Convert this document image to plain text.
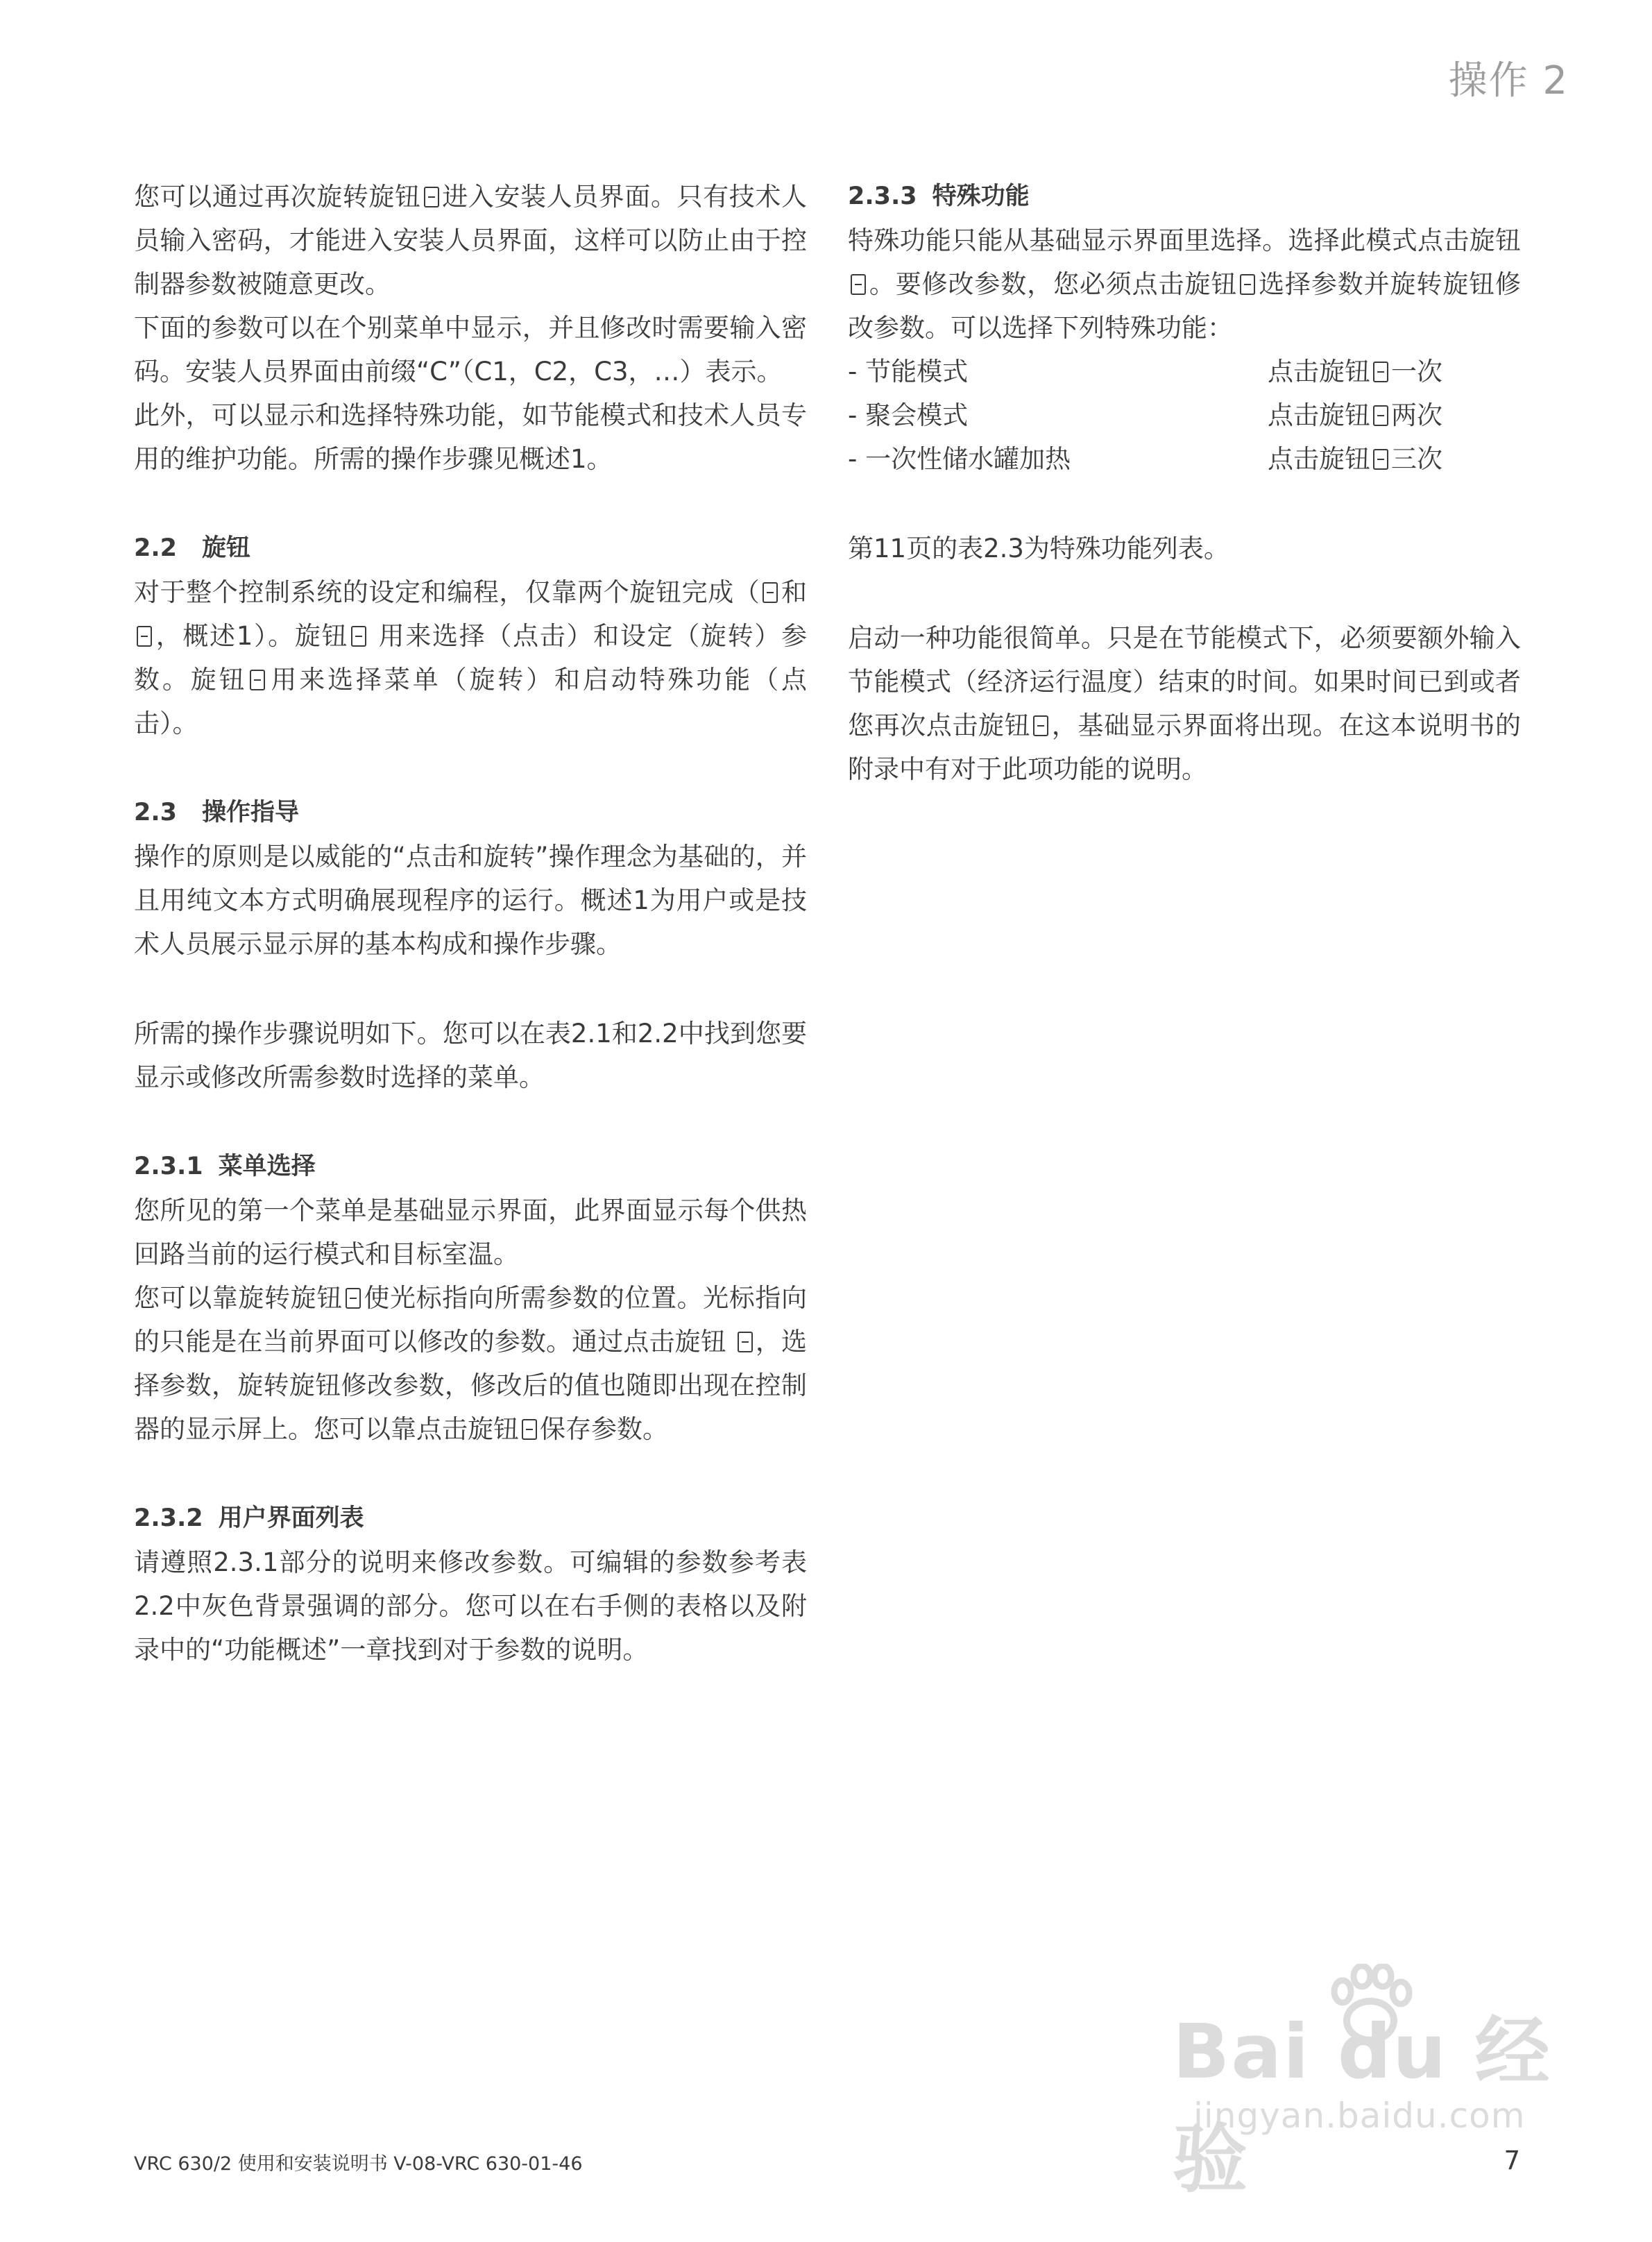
操作 2

您可以通过再次旋转旋钮 进入安装人员界面。只有技术人员输入密码，才能进入安装人员界面，这样可以防止由于控制器参数被随意更改。

下面的参数可以在个别菜单中显示，并且修改时需要输入密码。安装人员界面由前缀“C”（C1，C2，C3，…）表示。

此外，可以显示和选择特殊功能，如节能模式和技术人员专用的维护功能。所需的操作步骤见概述1。

2.2 旋钮

对于整个控制系统的设定和编程，仅靠两个旋钮完成（ 和，概述1）。旋钮 用来选择（点击）和设定（旋转）参数。旋钮 用来选择菜单（旋转）和启动特殊功能（点击）。

2.3 操作指导

操作的原则是以威能的“点击和旋转”操作理念为基础的，并且用纯文本方式明确展现程序的运行。概述1为用户或是技术人员展示显示屏的基本构成和操作步骤。

所需的操作步骤说明如下。您可以在表2.1和2.2中找到您要显示或修改所需参数时选择的菜单。

2.3.1 菜单选择

您所见的第一个菜单是基础显示界面，此界面显示每个供热回路当前的运行模式和目标室温。

您可以靠旋转旋钮 使光标指向所需参数的位置。光标指向的只能是在当前界面可以修改的参数。通过点击旋钮 ，选择参数，旋转旋钮修改参数，修改后的值也随即出现在控制器的显示屏上。您可以靠点击旋钮 保存参数。

2.3.2 用户界面列表

请遵照2.3.1部分的说明来修改参数。可编辑的参数参考表2.2中灰色背景强调的部分。您可以在右手侧的表格以及附录中的“功能概述”一章找到对于参数的说明。

2.3.3 特殊功能

特殊功能只能从基础显示界面里选择。选择此模式点击旋钮。要修改参数，您必须点击旋钮 选择参数并旋转旋钮修改参数。可以选择下列特殊功能：

- 节能模式	点击旋钮 一次
- 聚会模式	点击旋钮 两次
- 一次性储水罐加热	点击旋钮 三次

第11页的表2.3为特殊功能列表。

启动一种功能很简单。只是在节能模式下，必须要额外输入节能模式（经济运行温度）结束的时间。如果时间已到或者您再次点击旋钮 ，基础显示界面将出现。在这本说明书的附录中有对于此项功能的说明。

Bai du 经验
jingyan.baidu.com
VRC 630/2 使用和安装说明书 V-08-VRC 630-01-46	7
